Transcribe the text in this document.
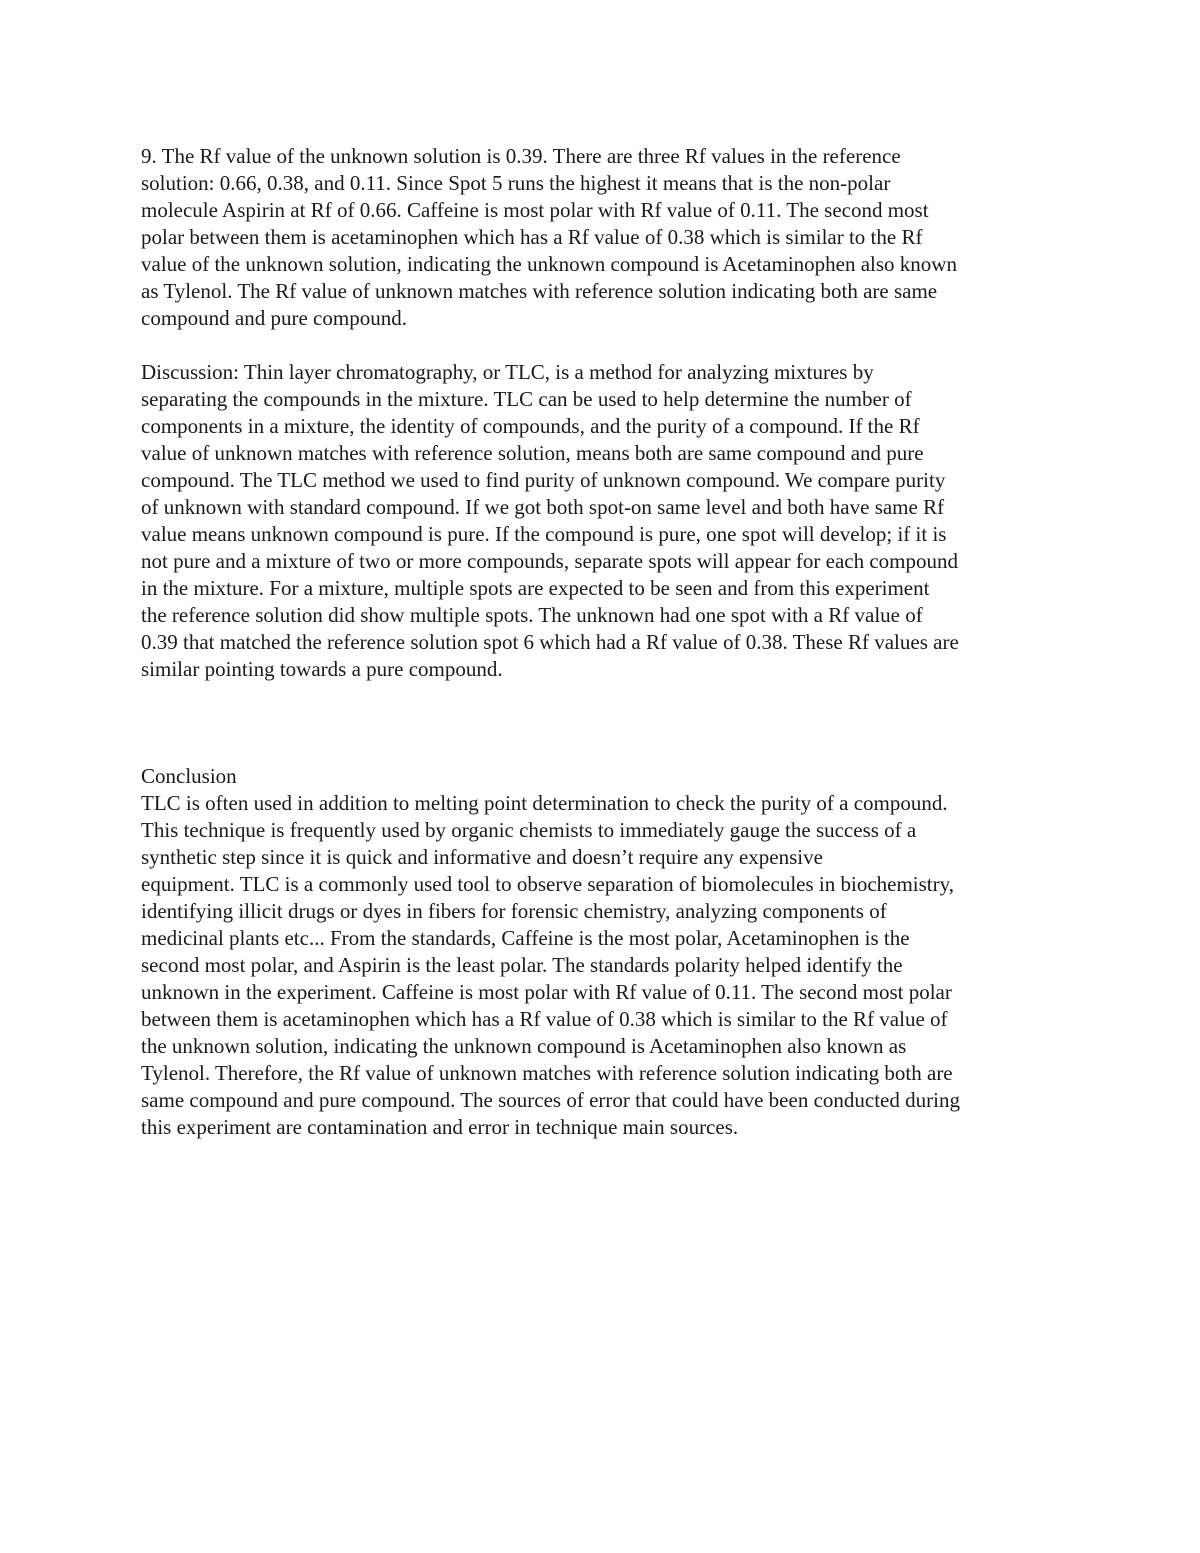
9. The Rf value of the unknown solution is 0.39. There are three Rf values in the reference
solution: 0.66, 0.38, and 0.11. Since Spot 5 runs the highest it means that is the non-polar
molecule Aspirin at Rf of 0.66. Caffeine is most polar with Rf value of 0.11. The second most
polar between them is acetaminophen which has a Rf value of 0.38 which is similar to the Rf
value of the unknown solution, indicating the unknown compound is Acetaminophen also known
as Tylenol. The Rf value of unknown matches with reference solution indicating both are same
compound and pure compound.
Discussion: Thin layer chromatography, or TLC, is a method for analyzing mixtures by
separating the compounds in the mixture. TLC can be used to help determine the number of
components in a mixture, the identity of compounds, and the purity of a compound. If the Rf
value of unknown matches with reference solution, means both are same compound and pure
compound. The TLC method we used to find purity of unknown compound. We compare purity
of unknown with standard compound. If we got both spot-on same level and both have same Rf
value means unknown compound is pure. If the compound is pure, one spot will develop; if it is
not pure and a mixture of two or more compounds, separate spots will appear for each compound
in the mixture. For a mixture, multiple spots are expected to be seen and from this experiment
the reference solution did show multiple spots. The unknown had one spot with a Rf value of
0.39 that matched the reference solution spot 6 which had a Rf value of 0.38. These Rf values are
similar pointing towards a pure compound.
Conclusion
TLC is often used in addition to melting point determination to check the purity of a compound.
This technique is frequently used by organic chemists to immediately gauge the success of a
synthetic step since it is quick and informative and doesn’t require any expensive
equipment. TLC is a commonly used tool to observe separation of biomolecules in biochemistry,
identifying illicit drugs or dyes in fibers for forensic chemistry, analyzing components of
medicinal plants etc... From the standards, Caffeine is the most polar, Acetaminophen is the
second most polar, and Aspirin is the least polar. The standards polarity helped identify the
unknown in the experiment. Caffeine is most polar with Rf value of 0.11. The second most polar
between them is acetaminophen which has a Rf value of 0.38 which is similar to the Rf value of
the unknown solution, indicating the unknown compound is Acetaminophen also known as
Tylenol. Therefore, the Rf value of unknown matches with reference solution indicating both are
same compound and pure compound. The sources of error that could have been conducted during
this experiment are contamination and error in technique main sources.
